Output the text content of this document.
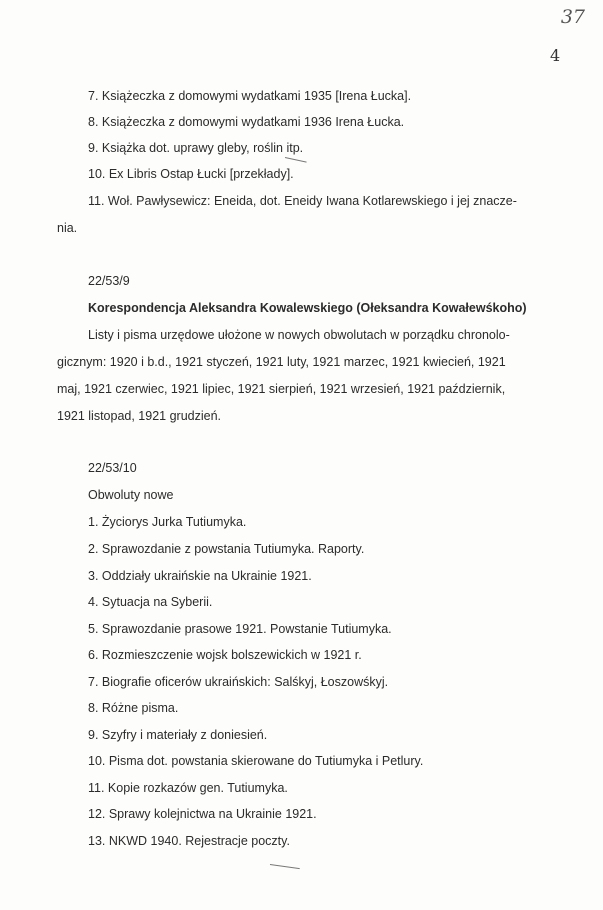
37
4
7. Książeczka z domowymi wydatkami 1935 [Irena Łucka].
8. Książeczka z domowymi wydatkami 1936 Irena Łucka.
9. Książka dot. uprawy gleby, roślin itp.
10. Ex Libris Ostap Łucki [przekłady].
11. Woł. Pawłysewicz: Eneida, dot. Eneidy Iwana Kotlarewskiego i jej znacze-
nia.
22/53/9
Korespondencja Aleksandra Kowalewskiego (Ołeksandra Kowałewśkoho)
Listy i pisma urzędowe ułożone w nowych obwolutach w porządku chronolo-
gicznym: 1920 i b.d., 1921 styczeń, 1921 luty, 1921 marzec, 1921 kwiecień, 1921
maj, 1921 czerwiec, 1921 lipiec, 1921 sierpień, 1921 wrzesień, 1921 październik,
1921 listopad, 1921 grudzień.
22/53/10
Obwoluty nowe
1. Życiorys Jurka Tutiumyka.
2. Sprawozdanie z powstania Tutiumyka. Raporty.
3. Oddziały ukraińskie na Ukrainie 1921.
4. Sytuacja na Syberii.
5. Sprawozdanie prasowe 1921. Powstanie Tutiumyka.
6. Rozmieszczenie wojsk bolszewickich w 1921 r.
7. Biografie oficerów ukraińskich: Salśkyj, Łoszowśkyj.
8. Różne pisma.
9. Szyfry i materiały z doniesień.
10. Pisma dot. powstania skierowane do Tutiumyka i Petlury.
11. Kopie rozkazów gen. Tutiumyka.
12. Sprawy kolejnictwa na Ukrainie 1921.
13. NKWD 1940. Rejestracje poczty.
